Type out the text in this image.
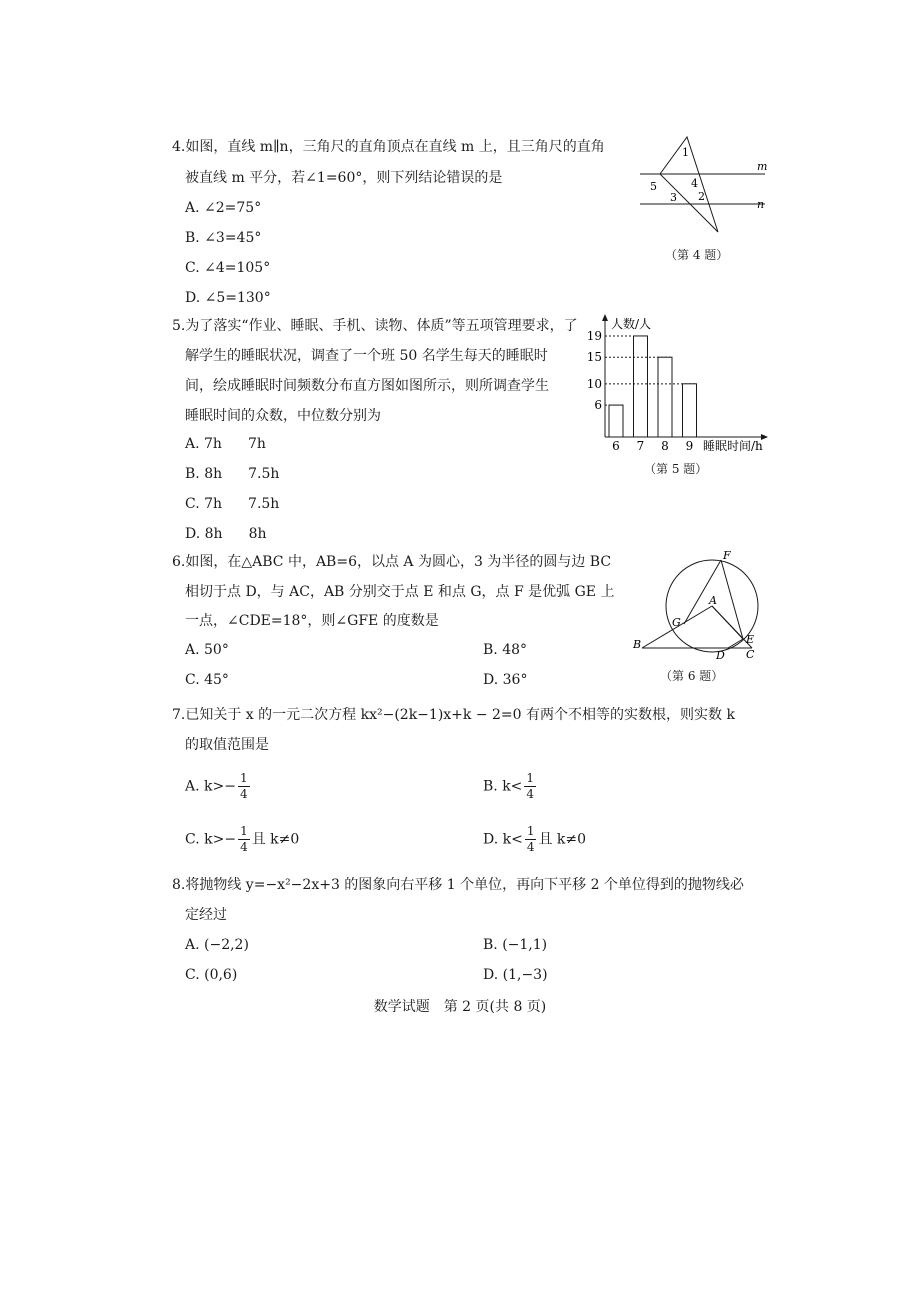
4.如图，直线 m∥n，三角尺的直角顶点在直线 m 上，且三角尺的直角
被直线 m 平分，若∠1=60°，则下列结论错误的是
A. ∠2=75°
B. ∠3=45°
C. ∠4=105°
D. ∠5=130°
m
n
1
2
3
4
5
（第 4 题）
5.为了落实“作业、睡眠、手机、读物、体质”等五项管理要求，了
解学生的睡眠状况，调查了一个班 50 名学生每天的睡眠时
间，绘成睡眠时间频数分布直方图如图所示，则所调查学生
睡眠时间的众数，中位数分别为
A. 7h 7h
B. 8h 7.5h
C. 7h 7.5h
D. 8h 8h
人数/人
睡眠时间/h
6 7 8 9
6
10
15
19
（第 5 题）
6.如图，在△ABC 中，AB=6，以点 A 为圆心，3 为半径的圆与边 BC
相切于点 D，与 AC，AB 分别交于点 E 和点 G，点 F 是优弧 GE 上
一点，∠CDE=18°，则∠GFE 的度数是
A. 50°	B. 48°
C. 45°	D. 36°
A
B
C
D
E
F
G
（第 6 题）
7.已知关于 x 的一元二次方程 kx²−(2k−1)x+k − 2=0 有两个不相等的实数根，则实数 k
的取值范围是
A. $k>- \frac{1}{4}$	B. $k< \frac{1}{4}$
C. $k>- \frac{1}{4}$ 且 k≠0	D. $k< \frac{1}{4}$ 且 k≠0
8.将抛物线 y=−x²−2x+3 的图象向右平移 1 个单位，再向下平移 2 个单位得到的抛物线必
定经过
A. (−2,2)	B. (−1,1)
C. (0,6)	D. (1,−3)
数学试题　第 2 页(共 8 页)
